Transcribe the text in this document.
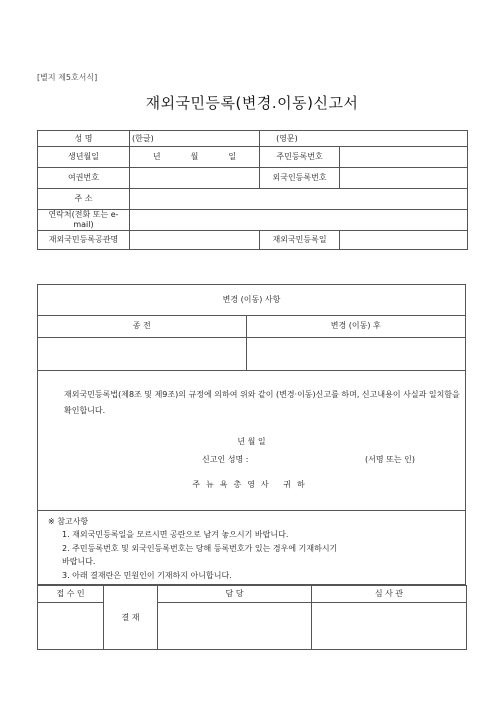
[별지 제5호서식]
재외국민등록(변경.이동)신고서
성 명	(한글)	(영문)	
생년월일	년 월 일	주민등록번호	
여권번호		외국인등록번호	
주 소			
연락처(전화 또는 e-mail)			
재외국민등록공관명		재외국민등록일	
변경 (이동) 사항	
종 전	변경 (이동) 후

재외국민등록법(제8조 및 제9조)의 규정에 의하여 위와 같이 (변경·이동)신고를 하며, 신고내용이 사실과 일치함을 확인합니다.
년 월 일
신고인 성명 :	(서명 또는 인)
주뉴욕총영사 귀하
※ 참고사항
1. 재외국민등록일을 모르시면 공란으로 남겨 놓으시기 바랍니다.
2. 주민등록번호 및 외국인등록번호는 당해 등록번호가 있는 경우에 기재하시기
바랍니다.
3. 아래 결재란은 민원인이 기재하지 아니합니다.
접 수 인	결 재	담 당	심 사 관
